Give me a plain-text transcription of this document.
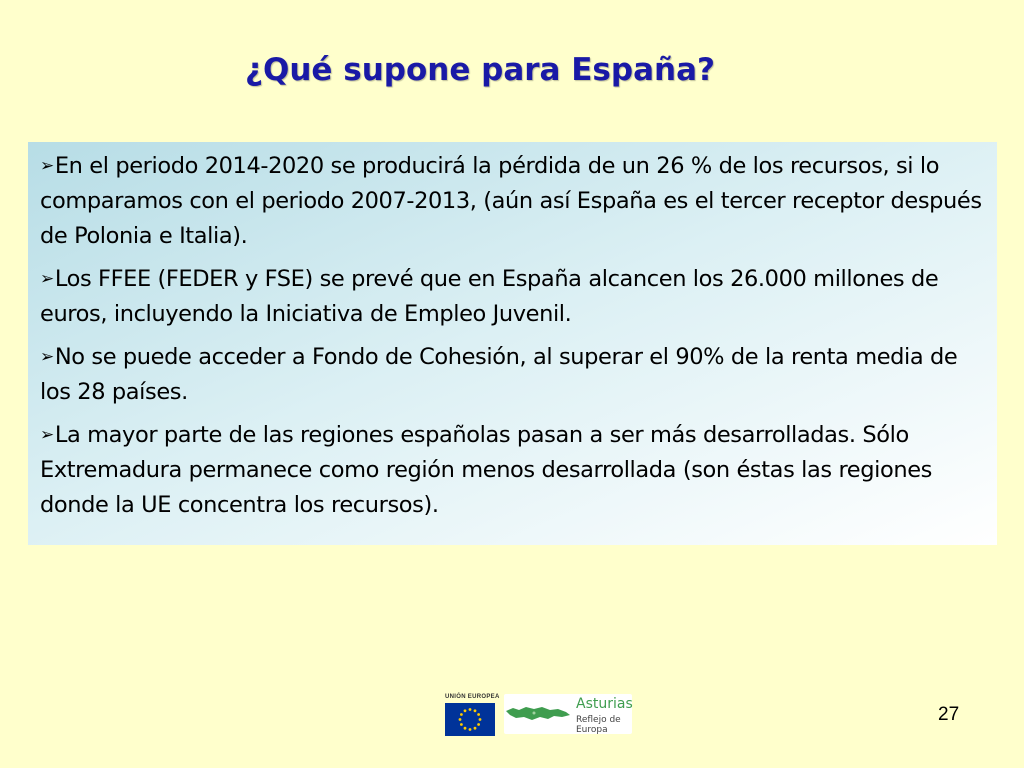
¿Qué supone para España?

➢En el periodo 2014-2020 se producirá la pérdida de un 26 % de los recursos, si lo comparamos con el periodo 2007-2013, (aún así España es el tercer receptor después de Polonia e Italia).

➢Los FFEE (FEDER y FSE) se prevé que en España alcancen los 26.000 millones de euros, incluyendo la Iniciativa de Empleo Juvenil.

➢No se puede acceder a Fondo de Cohesión, al superar el 90% de la renta media de los 28 países.

➢La mayor parte de las regiones españolas pasan a ser más desarrolladas. Sólo Extremadura permanece como región menos desarrollada (son éstas las regiones donde la UE concentra los recursos).

UNIÓN EUROPEA	Asturias
Reflejo de Europa
27
